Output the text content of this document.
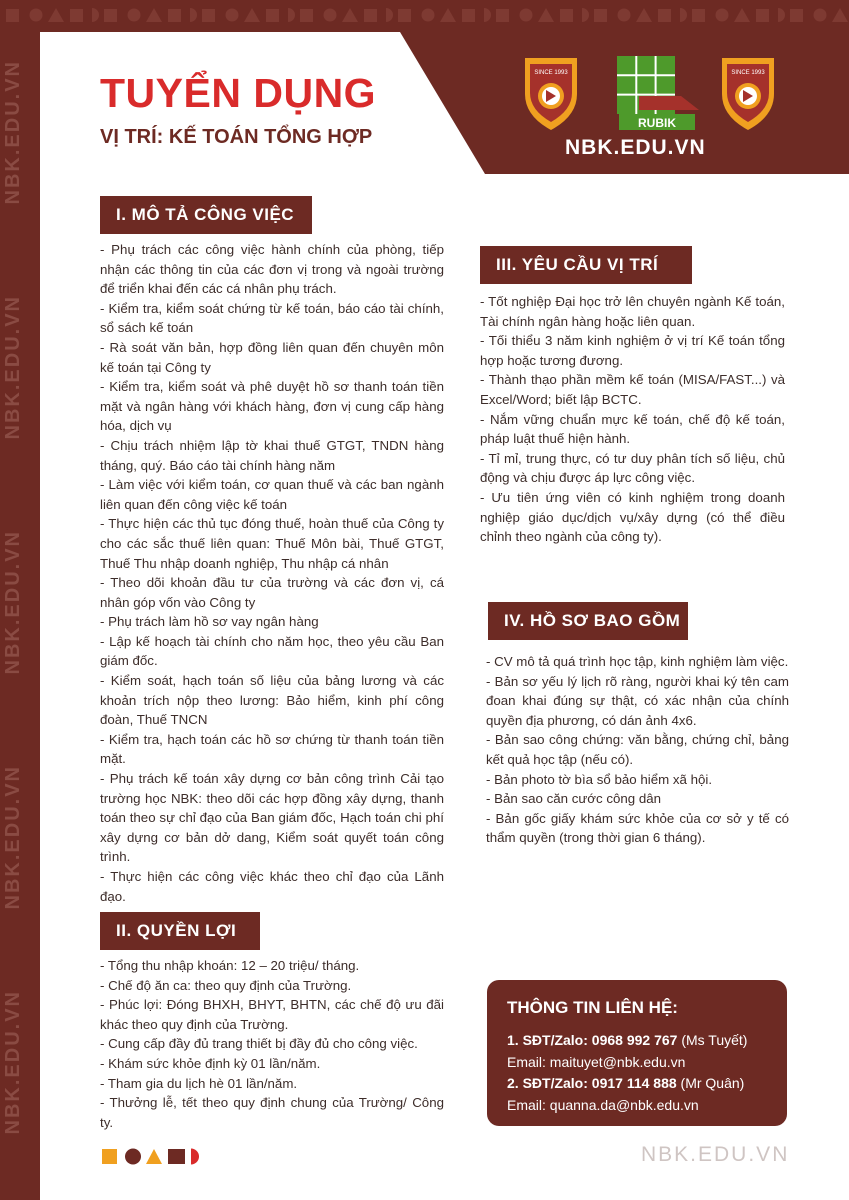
NBK.EDU.VN
NBK.EDU.VN
NBK.EDU.VN
NBK.EDU.VN
NBK.EDU.VN
TUYỂN DỤNG
VỊ TRÍ: KẾ TOÁN TỔNG HỢP
SINCE 1993
RUBIK
SINCE 1993
NBK.EDU.VN
I. MÔ TẢ CÔNG VIỆC
- Phụ trách các công việc hành chính của phòng, tiếp nhận các thông tin của các đơn vị trong và ngoài trường để triển khai đến các cá nhân phụ trách.
- Kiểm tra, kiểm soát chứng từ kế toán, báo cáo tài chính, sổ sách kế toán
- Rà soát văn bản, hợp đồng liên quan đến chuyên môn kế toán tại Công ty
- Kiểm tra, kiểm soát và phê duyệt hồ sơ thanh toán tiền mặt và ngân hàng với khách hàng, đơn vị cung cấp hàng hóa, dịch vụ
- Chịu trách nhiệm lập tờ khai thuế GTGT, TNDN hàng tháng, quý. Báo cáo tài chính hàng năm
- Làm việc với kiểm toán, cơ quan thuế và các ban ngành liên quan đến công việc kế toán
- Thực hiện các thủ tục đóng thuế, hoàn thuế của Công ty cho các sắc thuế liên quan: Thuế Môn bài, Thuế GTGT, Thuế Thu nhập doanh nghiệp, Thu nhập cá nhân
- Theo dõi khoản đầu tư của trường và các đơn vị, cá nhân góp vốn vào Công ty
- Phụ trách làm hồ sơ vay ngân hàng
- Lập kế hoạch tài chính cho năm học, theo yêu cầu Ban giám đốc.
- Kiểm soát, hạch toán số liệu của bảng lương và các khoản trích nộp theo lương: Bảo hiểm, kinh phí công đoàn, Thuế TNCN
- Kiểm tra, hạch toán các hồ sơ chứng từ thanh toán tiền mặt.
- Phụ trách kế toán xây dựng cơ bản công trình Cải tạo trường học NBK: theo dõi các hợp đồng xây dựng, thanh toán theo sự chỉ đạo của Ban giám đốc, Hạch toán chi phí xây dựng cơ bản dở dang, Kiểm soát quyết toán công trình.
- Thực hiện các công việc khác theo chỉ đạo của Lãnh đạo.
II. QUYỀN LỢI
- Tổng thu nhập khoán: 12 – 20 triệu/ tháng.
- Chế độ ăn ca: theo quy định của Trường.
- Phúc lợi: Đóng BHXH, BHYT, BHTN, các chế độ ưu đãi khác theo quy định của Trường.
- Cung cấp đầy đủ trang thiết bị đầy đủ cho công việc.
- Khám sức khỏe định kỳ 01 lần/năm.
- Tham gia du lịch hè 01 lần/năm.
- Thưởng lễ, tết theo quy định chung của Trường/ Công ty.
III. YÊU CẦU VỊ TRÍ
- Tốt nghiệp Đại học trở lên chuyên ngành Kế toán, Tài chính ngân hàng hoặc liên quan.
- Tối thiểu 3 năm kinh nghiệm ở vị trí Kế toán tổng hợp hoặc tương đương.
- Thành thạo phần mềm kế toán (MISA/FAST...) và Excel/Word; biết lập BCTC.
- Nắm vững chuẩn mực kế toán, chế độ kế toán, pháp luật thuế hiện hành.
- Tỉ mỉ, trung thực, có tư duy phân tích số liệu, chủ động và chịu được áp lực công việc.
- Ưu tiên ứng viên có kinh nghiệm trong doanh nghiệp giáo dục/dịch vụ/xây dựng (có thể điều chỉnh theo ngành của công ty).
IV. HỒ SƠ BAO GỒM
- CV mô tả quá trình học tập, kinh nghiệm làm việc.
- Bản sơ yếu lý lịch rõ ràng, người khai ký tên cam đoan khai đúng sự thật, có xác nhận của chính quyền địa phương, có dán ảnh 4x6.
- Bản sao công chứng: văn bằng, chứng chỉ, bảng kết quả học tập (nếu có).
- Bản photo tờ bìa sổ bảo hiểm xã hội.
- Bản sao căn cước công dân
- Bản gốc giấy khám sức khỏe của cơ sở y tế có thẩm quyền (trong thời gian 6 tháng).
THÔNG TIN LIÊN HỆ:
1. SĐT/Zalo: 0968 992 767 (Ms Tuyết)
Email: maituyet@nbk.edu.vn
2. SĐT/Zalo: 0917 114 888 (Mr Quân)
Email: quanna.da@nbk.edu.vn
NBK.EDU.VN
